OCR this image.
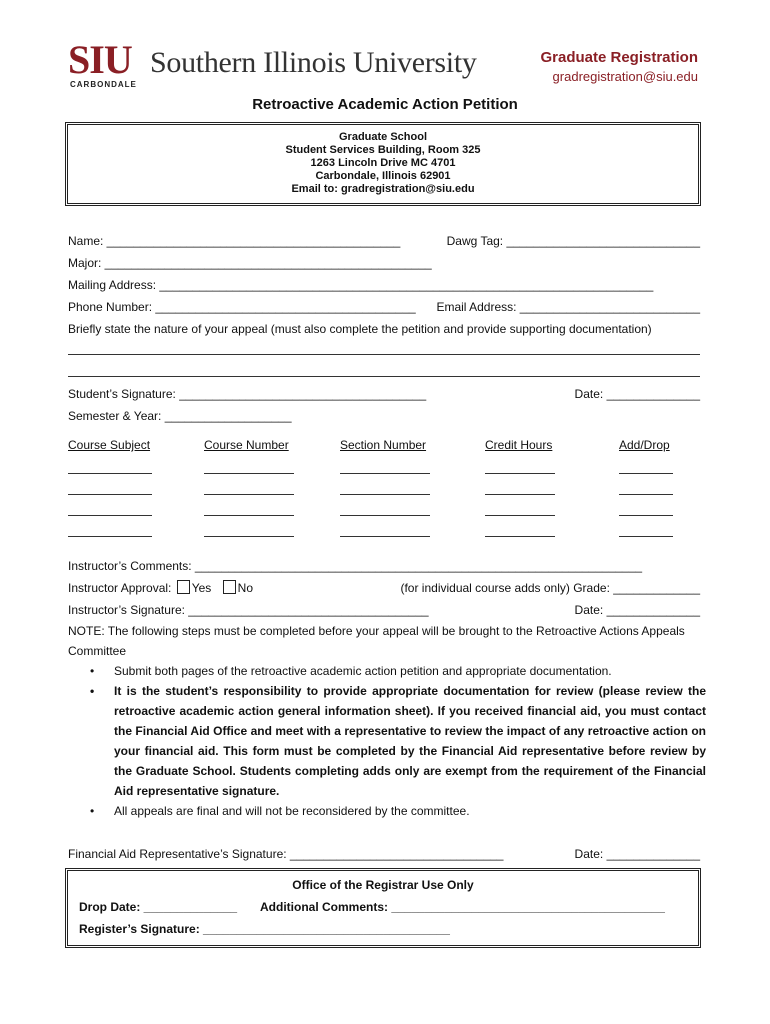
SIU
CARBONDALE
Southern Illinois University	Graduate Registration
gradregistration@siu.edu
Retroactive Academic Action Petition
Graduate School
Student Services Building, Room 325
1263 Lincoln Drive MC 4701
Carbondale, Illinois 62901
Email to: gradregistration@siu.edu
Name: ____________________________________________	Dawg Tag: _____________________________
Major: _________________________________________________
Mailing Address: __________________________________________________________________________
Phone Number: _______________________________________ Email Address: ___________________________
Briefly state the nature of your appeal (must also complete the petition and provide supporting documentation)
Student’s Signature: _____________________________________	Date: ______________
Semester & Year: ___________________
Course Subject	Course Number	Section Number	Credit Hours	Add/Drop
Instructor’s Comments: ___________________________________________________________________
Instructor Approval: Yes No	(for individual course adds only) Grade: _____________
Instructor’s Signature: ____________________________________	Date: ______________
NOTE: The following steps must be completed before your appeal will be brought to the Retroactive Actions Appeals Committee
• Submit both pages of the retroactive academic action petition and appropriate documentation.
• It is the student’s responsibility to provide appropriate documentation for review (please review the retroactive academic action general information sheet). If you received financial aid, you must contact the Financial Aid Office and meet with a representative to review the impact of any retroactive action on your financial aid. This form must be completed by the Financial Aid representative before review by the Graduate School. Students completing adds only are exempt from the requirement of the Financial Aid representative signature.
• All appeals are final and will not be reconsidered by the committee.
Financial Aid Representative’s Signature: ________________________________	Date: ______________
Office of the Registrar Use Only
Drop Date: ______________ Additional Comments: _________________________________________
Register’s Signature: _____________________________________
